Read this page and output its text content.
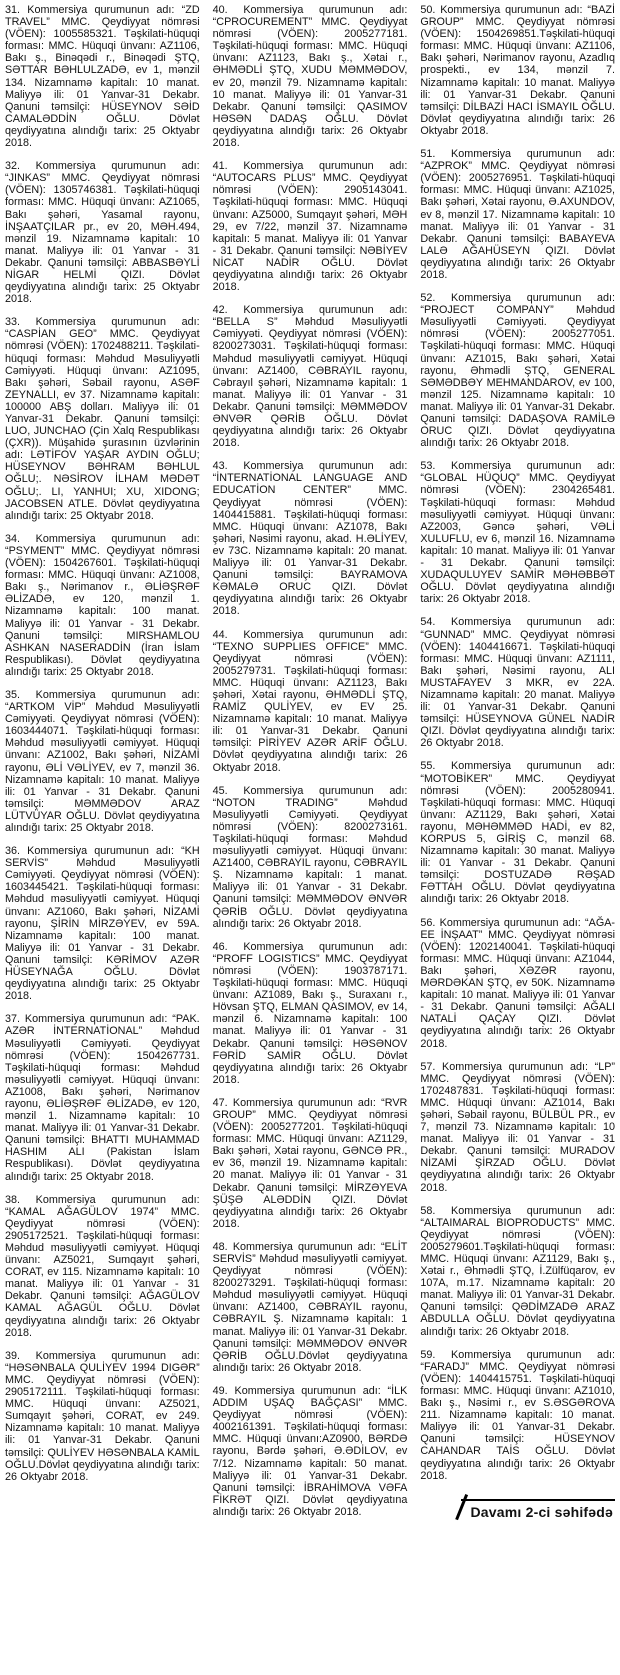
31. Kommersiya qurumunun adı: “ZD TRAVEL” MMC. Qeydiyyat nömrəsi (VÖEN): 1005585321. Təşkilati-hüquqi forması: MMC. Hüquqi ünvanı: AZ1106, Bakı ş., Binəqədi r., Binəqədi ŞTQ, SƏTTAR BƏHLULZADƏ, ev 1, mənzil 134. Nizamnamə kapitalı: 10 manat. Maliyyə ili: 01 Yanvar-31 Dekabr. Qanuni təmsilçi: HÜSEYNOV SƏİD CAMALƏDDİN OĞLU. Dövlət qeydiyyatına alındığı tarix: 25 Oktyabr 2018.

32. Kommersiya qurumunun adı: “JINKAS” MMC. Qeydiyyat nömrəsi (VÖEN): 1305746381. Təşkilati-hüquqi forması: MMC. Hüquqi ünvanı: AZ1065, Bakı şəhəri, Yasamal rayonu, İNŞAATÇILAR pr., ev 20, MƏH.494, mənzil 19. Nizamnamə kapitalı: 10 manat. Maliyyə ili: 01 Yanvar - 31 Dekabr. Qanuni təmsilçi: ABBASBƏYLİ NİGAR HELMİ QIZI. Dövlət qeydiyyatına alındığı tarix: 25 Oktyabr 2018.

33. Kommersiya qurumunun adı: “CASPİAN GEO” MMC. Qeydiyyat nömrəsi (VÖEN): 1702488211. Təşkilati-hüquqi forması: Məhdud Məsuliyyətli Cəmiyyəti. Hüquqi ünvanı: AZ1095, Bakı şəhəri, Səbail rayonu, ASƏF ZEYNALLI, ev 37. Nizamnamə kapitalı: 100000 ABŞ dolları. Maliyyə ili: 01 Yanvar-31 Dekabr. Qanuni təmsilçi: LUO, JUNCHAO (Çin Xalq Respublikası (ÇXR)). Müşahidə şurasının üzvlərinin adı: LƏTİFOV YAŞAR AYDIN OĞLU; HÜSEYNOV BƏHRAM BƏHLUL OĞLU;. NƏSİROV İLHAM MƏDƏT OĞLU;. LI, YANHUI; XU, XIDONG; JACOBSEN ATLE. Dövlət qeydiyyatına alındığı tarix: 25 Oktyabr 2018.

34. Kommersiya qurumunun adı: “PSYMENT” MMC. Qeydiyyat nömrəsi (VÖEN): 1504267601. Təşkilati-hüquqi forması: MMC. Hüquqi ünvanı: AZ1008, Bakı ş., Nərimanov r., ƏLİƏŞRƏF ƏLİZADƏ, ev 120, mənzil 1. Nizamnamə kapitalı: 100 manat. Maliyyə ili: 01 Yanvar - 31 Dekabr. Qanuni təmsilçi: MIRSHAMLOU ASHKAN NASERADDİN (İran İslam Respublikası). Dövlət qeydiyyatına alındığı tarix: 25 Oktyabr 2018.

35. Kommersiya qurumunun adı: “ARTKOM VİP” Məhdud Məsuliyyətli Cəmiyyəti. Qeydiyyat nömrəsi (VÖEN): 1603444071. Təşkilati-hüquqi forması: Məhdud məsuliyyətli cəmiyyət. Hüquqi ünvanı: AZ1002, Bakı şəhəri, NİZAMİ rayonu, ƏLİ VƏLİYEV, ev 7, mənzil 36. Nizamnamə kapitalı: 10 manat. Maliyyə ili: 01 Yanvar - 31 Dekabr. Qanuni təmsilçi: MƏMMƏDOV ARAZ LÜTVÜYAR OĞLU. Dövlət qeydiyyatına alındığı tarix: 25 Oktyabr 2018.

36. Kommersiya qurumunun adı: “KH SERVİS” Məhdud Məsuliyyətli Cəmiyyəti. Qeydiyyat nömrəsi (VÖEN): 1603445421. Təşkilati-hüquqi forması: Məhdud məsuliyyətli cəmiyyət. Hüquqi ünvanı: AZ1060, Bakı şəhəri, NİZAMİ rayonu, ŞİRİN MİRZƏYEV, ev 59A. Nizamnamə kapitalı: 100 manat. Maliyyə ili: 01 Yanvar - 31 Dekabr. Qanuni təmsilçi: KƏRİMOV AZƏR HÜSEYNAĞA OĞLU. Dövlət qeydiyyatına alındığı tarix: 25 Oktyabr 2018.

37. Kommersiya qurumunun adı: “PAK. AZƏR İNTERNATİONAL” Məhdud Məsuliyyətli Cəmiyyəti. Qeydiyyat nömrəsi (VÖEN): 1504267731. Təşkilati-hüquqi forması: Məhdud məsuliyyətli cəmiyyət. Hüquqi ünvanı: AZ1008, Bakı şəhəri, Nərimanov rayonu, ƏLİƏŞRƏF ƏLİZADƏ, ev 120, mənzil 1. Nizamnamə kapitalı: 10 manat. Maliyyə ili: 01 Yanvar-31 Dekabr. Qanuni təmsilçi: BHATTI MUHAMMAD HASHIM ALI (Pakistan İslam Respublikası). Dövlət qeydiyyatına alındığı tarix: 25 Oktyabr 2018.

38. Kommersiya qurumunun adı: “KAMAL AĞAGÜLOV 1974” MMC. Qeydiyyat nömrəsi (VÖEN): 2905172521. Təşkilati-hüquqi forması: Məhdud məsuliyyətli cəmiyyət. Hüquqi ünvanı: AZ5021, Sumqayıt şəhəri, CORAT, ev 115. Nizamnamə kapitalı: 10 manat. Maliyyə ili: 01 Yanvar - 31 Dekabr. Qanuni təmsilçi: AĞAGÜLOV KAMAL AĞAGÜL OĞLU. Dövlət qeydiyyatına alındığı tarix: 26 Oktyabr 2018.

39. Kommersiya qurumunun adı: “HƏSƏNBALA QULİYEV 1994 DIGƏR” MMC. Qeydiyyat nömrəsi (VÖEN): 2905172111. Təşkilati-hüquqi forması: MMC. Hüquqi ünvanı: AZ5021, Sumqayıt şəhəri, CORAT, ev 249. Nizamnamə kapitalı: 10 manat. Maliyyə ili: 01 Yanvar-31 Dekabr. Qanuni təmsilçi: QULİYEV HƏSƏNBALA KAMİL OĞLU.Dövlət qeydiyyatına alındığı tarix: 26 Oktyabr 2018.

40. Kommersiya qurumunun adı: “CPROCUREMENT” MMC. Qeydiyyat nömrəsi (VÖEN): 2005277181. Təşkilati-hüquqi forması: MMC. Hüquqi ünvanı: AZ1123, Bakı ş., Xətai r., ƏHMƏDLİ ŞTQ, XUDU MƏMMƏDOV, ev 20, mənzil 79. Nizamnamə kapitalı: 10 manat. Maliyyə ili: 01 Yanvar-31 Dekabr. Qanuni təmsilçi: QASIMOV HƏSƏN DADAŞ OĞLU. Dövlət qeydiyyatına alındığı tarix: 26 Oktyabr 2018.

41. Kommersiya qurumunun adı: “AUTOCARS PLUS” MMC. Qeydiyyat nömrəsi (VÖEN): 2905143041. Təşkilati-hüquqi forması: MMC. Hüquqi ünvanı: AZ5000, Sumqayıt şəhəri, MƏH 29, ev 7/22, mənzil 37. Nizamnamə kapitalı: 5 manat. Maliyyə ili: 01 Yanvar - 31 Dekabr. Qanuni təmsilçi: NƏBİYEV NİCAT NADİR OĞLU. Dövlət qeydiyyatına alındığı tarix: 26 Oktyabr 2018.

42. Kommersiya qurumunun adı: “BELLA S” Məhdud Məsuliyyətli Cəmiyyəti. Qeydiyyat nömrəsi (VÖEN): 8200273031. Təşkilati-hüquqi forması: Məhdud məsuliyyətli cəmiyyət. Hüquqi ünvanı: AZ1400, CƏBRAYIL rayonu, Cəbrayıl şəhəri, Nizamnamə kapitalı: 1 manat. Maliyyə ili: 01 Yanvar - 31 Dekabr. Qanuni təmsilçi: MƏMMƏDOV ƏNVƏR QƏRİB OĞLU. Dövlət qeydiyyatına alındığı tarix: 26 Oktyabr 2018.

43. Kommersiya qurumunun adı: “İNTERNATİONAL LANGUAGE AND EDUCATİON CENTER” MMC. Qeydiyyat nömrəsi (VÖEN): 1404415881. Təşkilati-hüquqi forması: MMC. Hüquqi ünvanı: AZ1078, Bakı şəhəri, Nəsimi rayonu, akad. H.ƏLİYEV, ev 73C. Nizamnamə kapitalı: 20 manat. Maliyyə ili: 01 Yanvar-31 Dekabr. Qanuni təmsilçi: BAYRAMOVA KƏMALƏ ORUC QIZI. Dövlət qeydiyyatına alındığı tarix: 26 Oktyabr 2018.

44. Kommersiya qurumunun adı: “TEXNO SUPPLIES OFFICE” MMC. Qeydiyyat nömrəsi (VÖEN): 2005279731. Təşkilati-hüquqi forması: MMC. Hüquqi ünvanı: AZ1123, Bakı şəhəri, Xətai rayonu, ƏHMƏDLİ ŞTQ, RAMİZ QULİYEV, ev EV 25. Nizamnamə kapitalı: 10 manat. Maliyyə ili: 01 Yanvar-31 Dekabr. Qanuni təmsilçi: PİRİYEV AZƏR ARİF OĞLU. Dövlət qeydiyyatına alındığı tarix: 26 Oktyabr 2018.

45. Kommersiya qurumunun adı: “NOTON TRADING” Məhdud Məsuliyyətli Cəmiyyəti. Qeydiyyat nömrəsi (VÖEN): 8200273161. Təşkilati-hüquqi forması: Məhdud məsuliyyətli cəmiyyət. Hüquqi ünvanı: AZ1400, CƏBRAYIL rayonu, CƏBRAYIL Ş. Nizamnamə kapitalı: 1 manat. Maliyyə ili: 01 Yanvar - 31 Dekabr. Qanuni təmsilçi: MƏMMƏDOV ƏNVƏR QƏRİB OĞLU. Dövlət qeydiyyatına alındığı tarix: 26 Oktyabr 2018.

46. Kommersiya qurumunun adı: “PROFF LOGISTICS” MMC. Qeydiyyat nömrəsi (VÖEN): 1903787171. Təşkilati-hüquqi forması: MMC. Hüquqi ünvanı: AZ1089, Bakı ş., Suraxanı r., Hövsan ŞTQ, ELMAN QASIMOV, ev 14, mənzil 6. Nizamnamə kapitalı: 100 manat. Maliyyə ili: 01 Yanvar - 31 Dekabr. Qanuni təmsilçi: HƏSƏNOV FƏRİD SAMİR OĞLU. Dövlət qeydiyyatına alındığı tarix: 26 Oktyabr 2018.

47. Kommersiya qurumunun adı: “RVR GROUP” MMC. Qeydiyyat nömrəsi (VÖEN): 2005277201. Təşkilati-hüquqi forması: MMC. Hüquqi ünvanı: AZ1129, Bakı şəhəri, Xətai rayonu, GƏNCƏ PR., ev 36, mənzil 19. Nizamnamə kapitalı: 20 manat. Maliyyə ili: 01 Yanvar - 31 Dekabr. Qanuni təmsilçi: MİRZƏYEVA ŞÜŞƏ ALƏDDİN QIZI. Dövlət qeydiyyatına alındığı tarix: 26 Oktyabr 2018.

48. Kommersiya qurumunun adı: “ELİT SERVİS” Məhdud məsuliyyətli cəmiyyət. Qeydiyyat nömrəsi (VÖEN): 8200273291. Təşkilati-hüquqi forması: Məhdud məsuliyyətli cəmiyyət. Hüquqi ünvanı: AZ1400, CƏBRAYIL rayonu, CƏBRAYIL Ş. Nizamnamə kapitalı: 1 manat. Maliyyə ili: 01 Yanvar-31 Dekabr. Qanuni təmsilçi: MƏMMƏDOV ƏNVƏR QƏRİB OĞLU.Dövlət qeydiyyatına alındığı tarix: 26 Oktyabr 2018.

49. Kommersiya qurumunun adı: “İLK ADDIM UŞAQ BAĞÇASI” MMC. Qeydiyyat nömrəsi (VÖEN): 4002161391. Təşkilati-hüquqi forması: MMC. Hüquqi ünvanı:AZ0900, BƏRDƏ rayonu, Bərdə şəhəri, Ə.ƏDİLOV, ev 7/12. Nizamnamə kapitalı: 50 manat. Maliyyə ili: 01 Yanvar-31 Dekabr. Qanuni təmsilçi: İBRAHİMOVA VƏFA FİKRƏT QIZI. Dövlət qeydiyyatına alındığı tarix: 26 Oktyabr 2018.

50. Kommersiya qurumunun adı: “BAZİ GROUP” MMC. Qeydiyyat nömrəsi (VÖEN): 1504269851.Təşkilati-hüquqi forması: MMC. Hüquqi ünvanı: AZ1106, Bakı şəhəri, Nərimanov rayonu, Azadlıq prospekti., ev 134, mənzil 7. Nizamnamə kapitalı: 10 manat. Maliyyə ili: 01 Yanvar-31 Dekabr. Qanuni təmsilçi: DİLBAZİ HACI İSMAYIL OĞLU. Dövlət qeydiyyatına alındığı tarix: 26 Oktyabr 2018.

51. Kommersiya qurumunun adı: “AZPROK” MMC. Qeydiyyat nömrəsi (VÖEN): 2005276951. Təşkilati-hüquqi forması: MMC. Hüquqi ünvanı: AZ1025, Bakı şəhəri, Xətai rayonu, Ə.AXUNDOV, ev 8, mənzil 17. Nizamnamə kapitalı: 10 manat. Maliyyə ili: 01 Yanvar - 31 Dekabr. Qanuni təmsilçi: BABAYEVA LALƏ AĞAHÜSEYN QIZI. Dövlət qeydiyyatına alındığı tarix: 26 Oktyabr 2018.

52. Kommersiya qurumunun adı: “PROJECT COMPANY” Məhdud Məsuliyyətli Cəmiyyəti. Qeydiyyat nömrəsi (VÖEN): 2005277051. Təşkilati-hüquqi forması: MMC. Hüquqi ünvanı: AZ1015, Bakı şəhəri, Xətai rayonu, Əhmədli ŞTQ, GENERAL SƏMƏDBƏY MEHMANDAROV, ev 100, mənzil 125. Nizamnamə kapitalı: 10 manat. Maliyyə ili: 01 Yanvar-31 Dekabr. Qanuni təmsilçi: DADAŞOVA RAMİLƏ ORUC QIZI. Dövlət qeydiyyatına alındığı tarix: 26 Oktyabr 2018.

53. Kommersiya qurumunun adı: “GLOBAL HÜQUQ” MMC. Qeydiyyat nömrəsi (VÖEN): 2304265481. Təşkilati-hüquqi forması: Məhdud məsuliyyətli cəmiyyət. Hüquqi ünvanı: AZ2003, Gəncə şəhəri, VƏLİ XULUFLU, ev 6, mənzil 16. Nizamnamə kapitalı: 10 manat. Maliyyə ili: 01 Yanvar - 31 Dekabr. Qanuni təmsilçi: XUDAQULUYEV SAMİR MƏHƏBBƏT OĞLU. Dövlət qeydiyyatına alındığı tarix: 26 Oktyabr 2018.

54. Kommersiya qurumunun adı: “GUNNAD” MMC. Qeydiyyat nömrəsi (VÖEN): 1404416671. Təşkilati-hüquqi forması: MMC. Hüquqi ünvanı: AZ1111, Bakı şəhəri, Nəsimi rayonu, ALI MUSTAFAYEV 3 MKR, ev 22A. Nizamnamə kapitalı: 20 manat. Maliyyə ili: 01 Yanvar-31 Dekabr. Qanuni təmsilçi: HÜSEYNOVA GÜNEL NADİR QIZI. Dövlət qeydiyyatına alındığı tarix: 26 Oktyabr 2018.

55. Kommersiya qurumunun adı: “MOTOBİKER” MMC. Qeydiyyat nömrəsi (VÖEN): 2005280941. Təşkilati-hüquqi forması: MMC. Hüquqi ünvanı: AZ1129, Bakı şəhəri, Xətai rayonu, MƏHƏMMƏD HADİ, ev 82, KORPUS 5, GİRİŞ C, mənzil 68. Nizamnamə kapitalı: 30 manat. Maliyyə ili: 01 Yanvar - 31 Dekabr. Qanuni təmsilçi: DOSTUZADƏ RƏŞAD FƏTTAH OĞLU. Dövlət qeydiyyatına alındığı tarix: 26 Oktyabr 2018.

56. Kommersiya qurumunun adı: “AĞA-EE İNŞAAT” MMC. Qeydiyyat nömrəsi (VÖEN): 1202140041. Təşkilati-hüquqi forması: MMC. Hüquqi ünvanı: AZ1044, Bakı şəhəri, XƏZƏR rayonu, MƏRDƏKAN ŞTQ, ev 50K. Nizamnamə kapitalı: 10 manat. Maliyyə ili: 01 Yanvar - 31 Dekabr. Qanuni təmsilçi: AĞALI NATALİ QAÇAY QIZI. Dövlət qeydiyyatına alındığı tarix: 26 Oktyabr 2018.

57. Kommersiya qurumunun adı: “LP” MMC. Qeydiyyat nömrəsi (VÖEN): 1702487831. Təşkilati-hüquqi forması: MMC. Hüquqi ünvanı: AZ1014, Bakı şəhəri, Səbail rayonu, BÜLBÜL PR., ev 7, mənzil 73. Nizamnamə kapitalı: 10 manat. Maliyyə ili: 01 Yanvar - 31 Dekabr. Qanuni təmsilçi: MURADOV NİZAMİ ŞİRZAD OĞLU. Dövlət qeydiyyatına alındığı tarix: 26 Oktyabr 2018.

58. Kommersiya qurumunun adı: “ALTAIMARAL BIOPRODUCTS” MMC. Qeydiyyat nömrəsi (VÖEN): 2005279601.Təşkilati-hüquqi forması: MMC. Hüquqi ünvanı: AZ1129, Bakı ş., Xətai r., Əhmədli ŞTQ, İ.Zülfüqarov, ev 107A, m.17. Nizamnamə kapitalı: 20 manat. Maliyyə ili: 01 Yanvar-31 Dekabr. Qanuni təmsilçi: QƏDİMZADƏ ARAZ ABDULLA OĞLU. Dövlət qeydiyyatına alındığı tarix: 26 Oktyabr 2018.

59. Kommersiya qurumunun adı: “FARADJ” MMC. Qeydiyyat nömrəsi (VÖEN): 1404415751. Təşkilati-hüquqi forması: MMC. Hüquqi ünvanı: AZ1010, Bakı ş., Nəsimi r., ev S.ƏSGƏROVA 211. Nizamnamə kapitalı: 10 manat. Maliyyə ili: 01 Yanvar-31 Dekabr. Qanuni təmsilçi: HÜSEYNOV CAHANDAR TAİS OĞLU. Dövlət qeydiyyatına alındığı tarix: 26 Oktyabr 2018.

Davamı 2-ci səhifədə
